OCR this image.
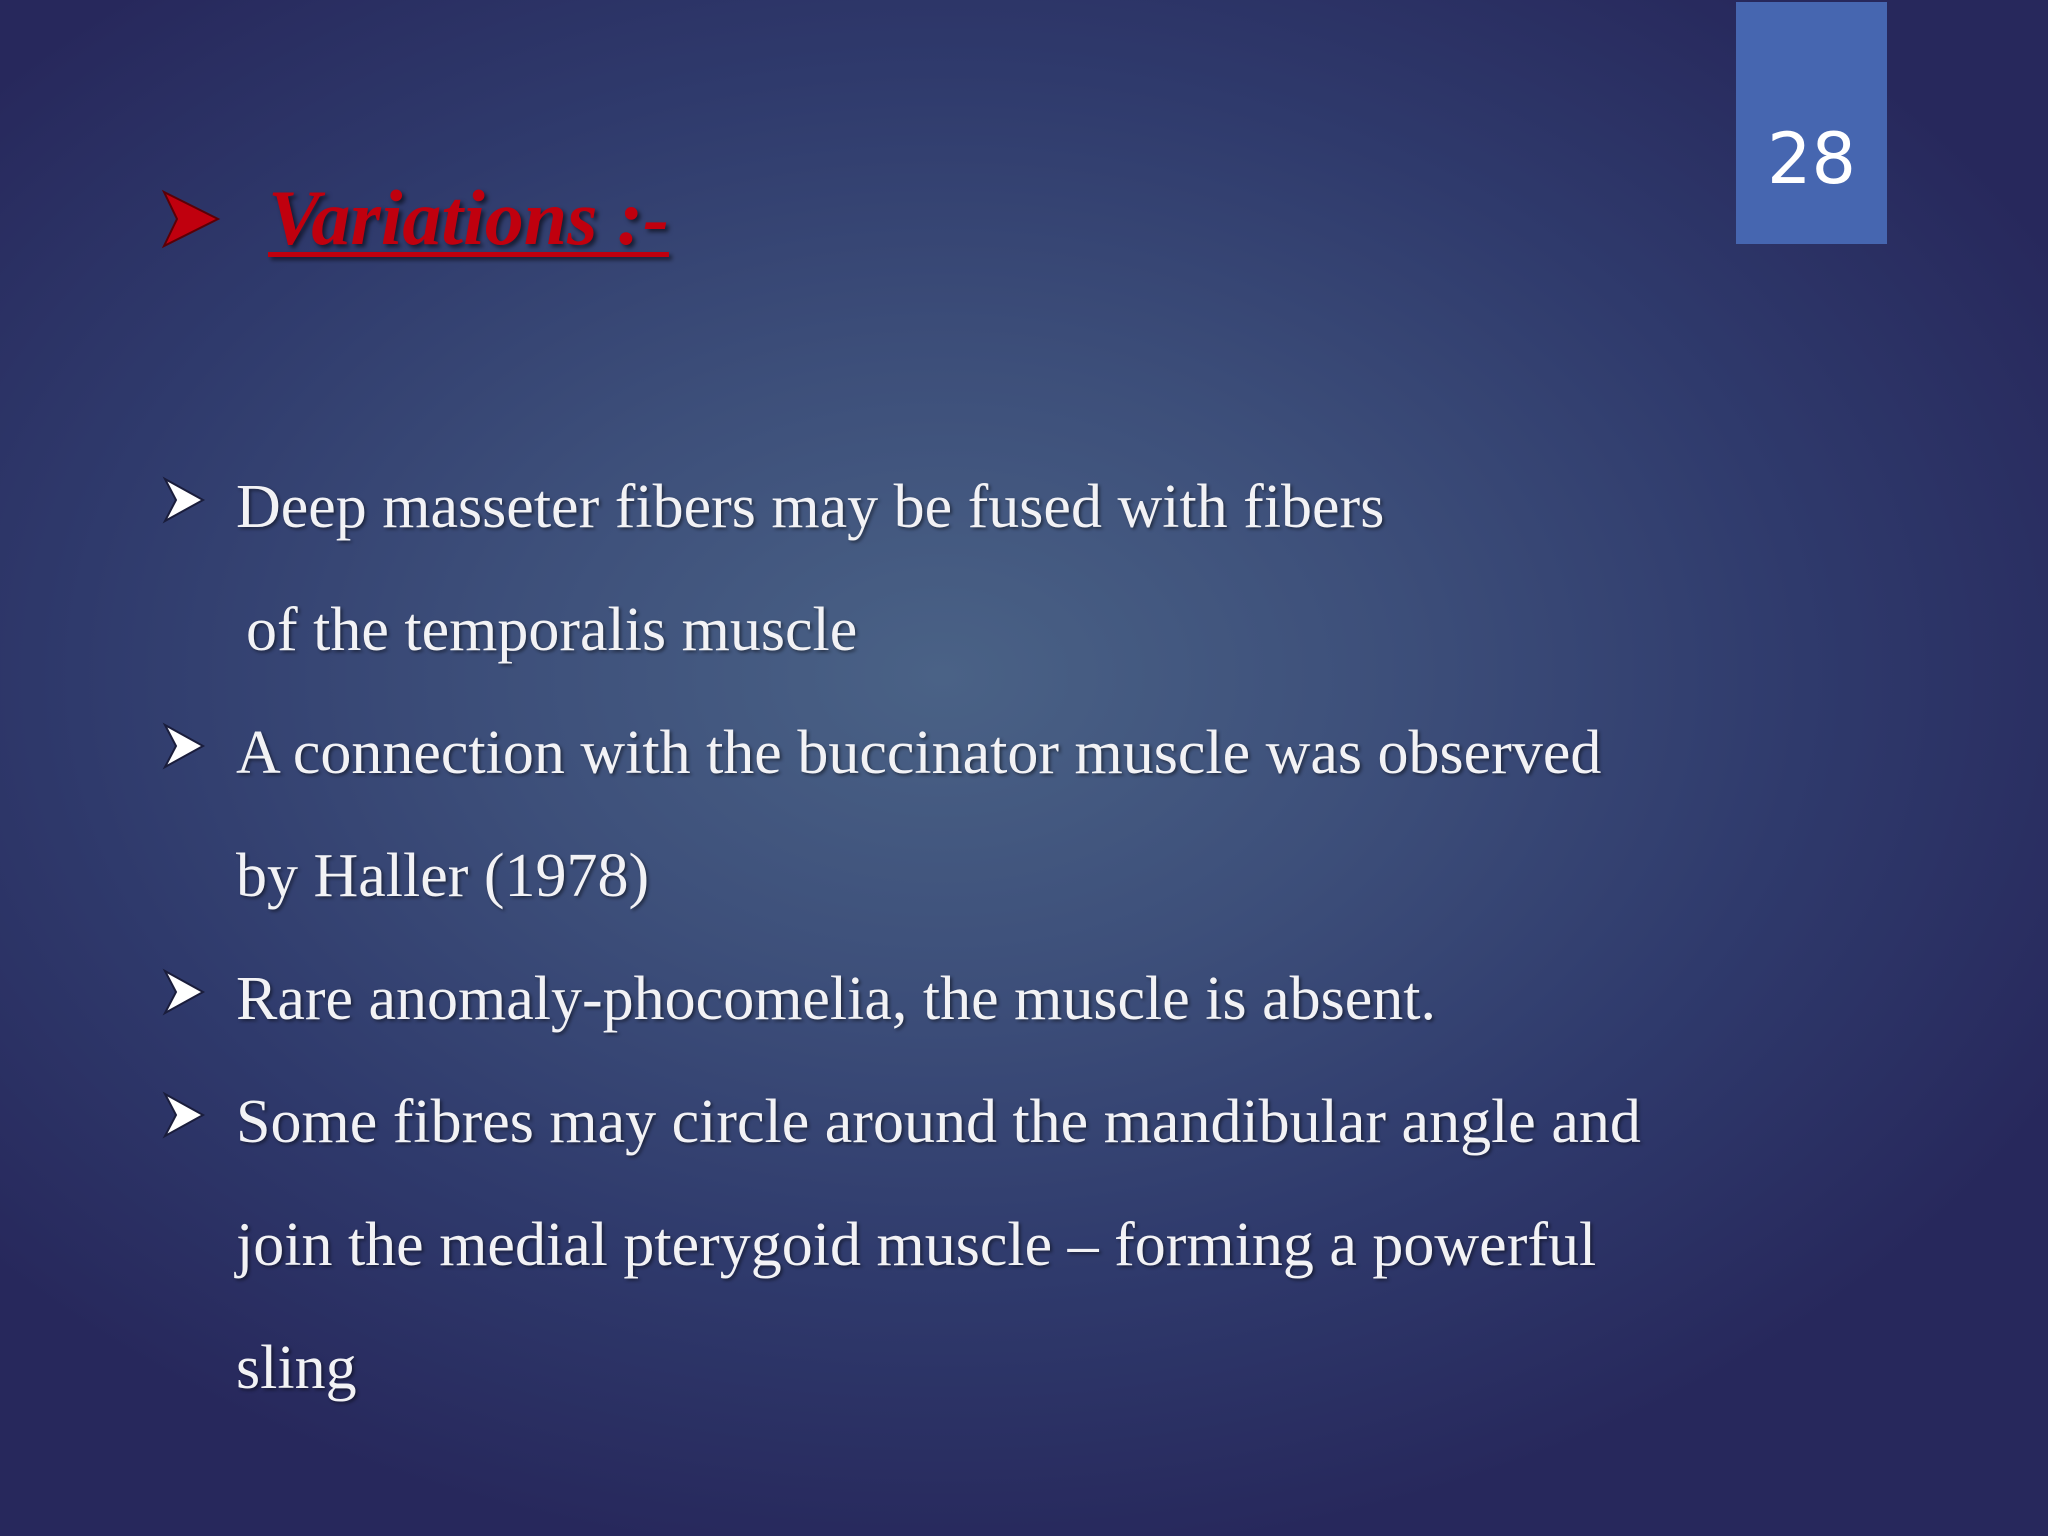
28
Variations :-
Deep masseter fibers may be fused with fibers
of the temporalis muscle
A connection with the buccinator muscle was observed
by Haller (1978)
Rare anomaly-phocomelia, the muscle is absent.
Some fibres may circle around the mandibular angle and
join the medial pterygoid muscle – forming a powerful
sling
